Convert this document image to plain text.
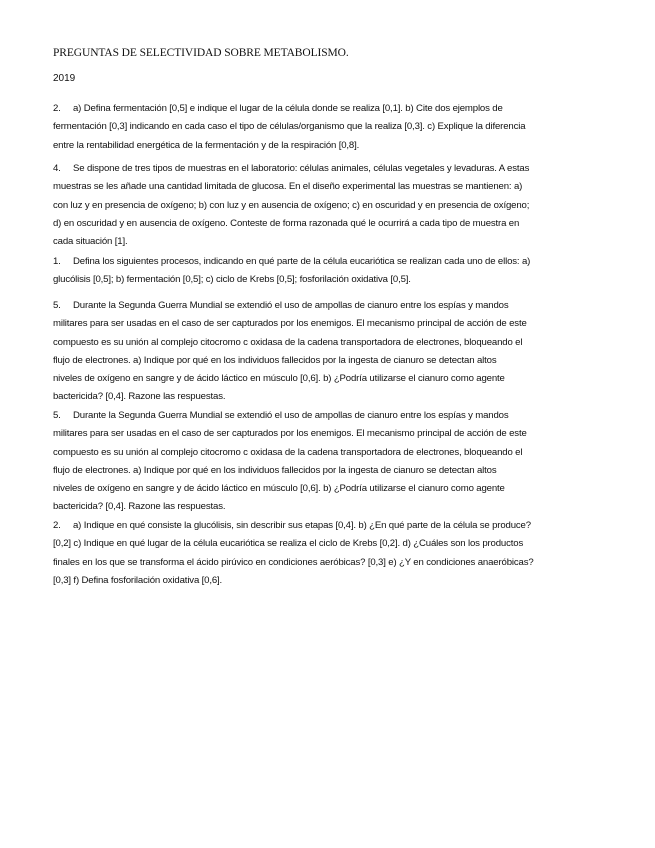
PREGUNTAS DE SELECTIVIDAD SOBRE METABOLISMO.
2019
2. a) Defina fermentación [0,5] e indique el lugar de la célula donde se realiza [0,1]. b) Cite dos ejemplos de
fermentación [0,3] indicando en cada caso el tipo de células/organismo que la realiza [0,3]. c) Explique la diferencia
entre la rentabilidad energética de la fermentación y de la respiración [0,8].
4. Se dispone de tres tipos de muestras en el laboratorio: células animales, células vegetales y levaduras. A estas
muestras se les añade una cantidad limitada de glucosa. En el diseño experimental las muestras se mantienen: a)
con luz y en presencia de oxígeno; b) con luz y en ausencia de oxígeno; c) en oscuridad y en presencia de oxígeno;
d) en oscuridad y en ausencia de oxígeno. Conteste de forma razonada qué le ocurrirá a cada tipo de muestra en
cada situación [1].
1. Defina los siguientes procesos, indicando en qué parte de la célula eucariótica se realizan cada uno de ellos: a)
glucólisis [0,5]; b) fermentación [0,5]; c) ciclo de Krebs [0,5]; fosforilación oxidativa [0,5].
5. Durante la Segunda Guerra Mundial se extendió el uso de ampollas de cianuro entre los espías y mandos
militares para ser usadas en el caso de ser capturados por los enemigos. El mecanismo principal de acción de este
compuesto es su unión al complejo citocromo c oxidasa de la cadena transportadora de electrones, bloqueando el
flujo de electrones. a) Indique por qué en los individuos fallecidos por la ingesta de cianuro se detectan altos
niveles de oxígeno en sangre y de ácido láctico en músculo [0,6]. b) ¿Podría utilizarse el cianuro como agente
bactericida? [0,4]. Razone las respuestas.
5. Durante la Segunda Guerra Mundial se extendió el uso de ampollas de cianuro entre los espías y mandos
militares para ser usadas en el caso de ser capturados por los enemigos. El mecanismo principal de acción de este
compuesto es su unión al complejo citocromo c oxidasa de la cadena transportadora de electrones, bloqueando el
flujo de electrones. a) Indique por qué en los individuos fallecidos por la ingesta de cianuro se detectan altos
niveles de oxígeno en sangre y de ácido láctico en músculo [0,6]. b) ¿Podría utilizarse el cianuro como agente
bactericida? [0,4]. Razone las respuestas.
2. a) Indique en qué consiste la glucólisis, sin describir sus etapas [0,4]. b) ¿En qué parte de la célula se produce?
[0,2] c) Indique en qué lugar de la célula eucariótica se realiza el ciclo de Krebs [0,2]. d) ¿Cuáles son los productos
finales en los que se transforma el ácido pirúvico en condiciones aeróbicas? [0,3] e) ¿Y en condiciones anaeróbicas?
[0,3] f) Defina fosforilación oxidativa [0,6].
